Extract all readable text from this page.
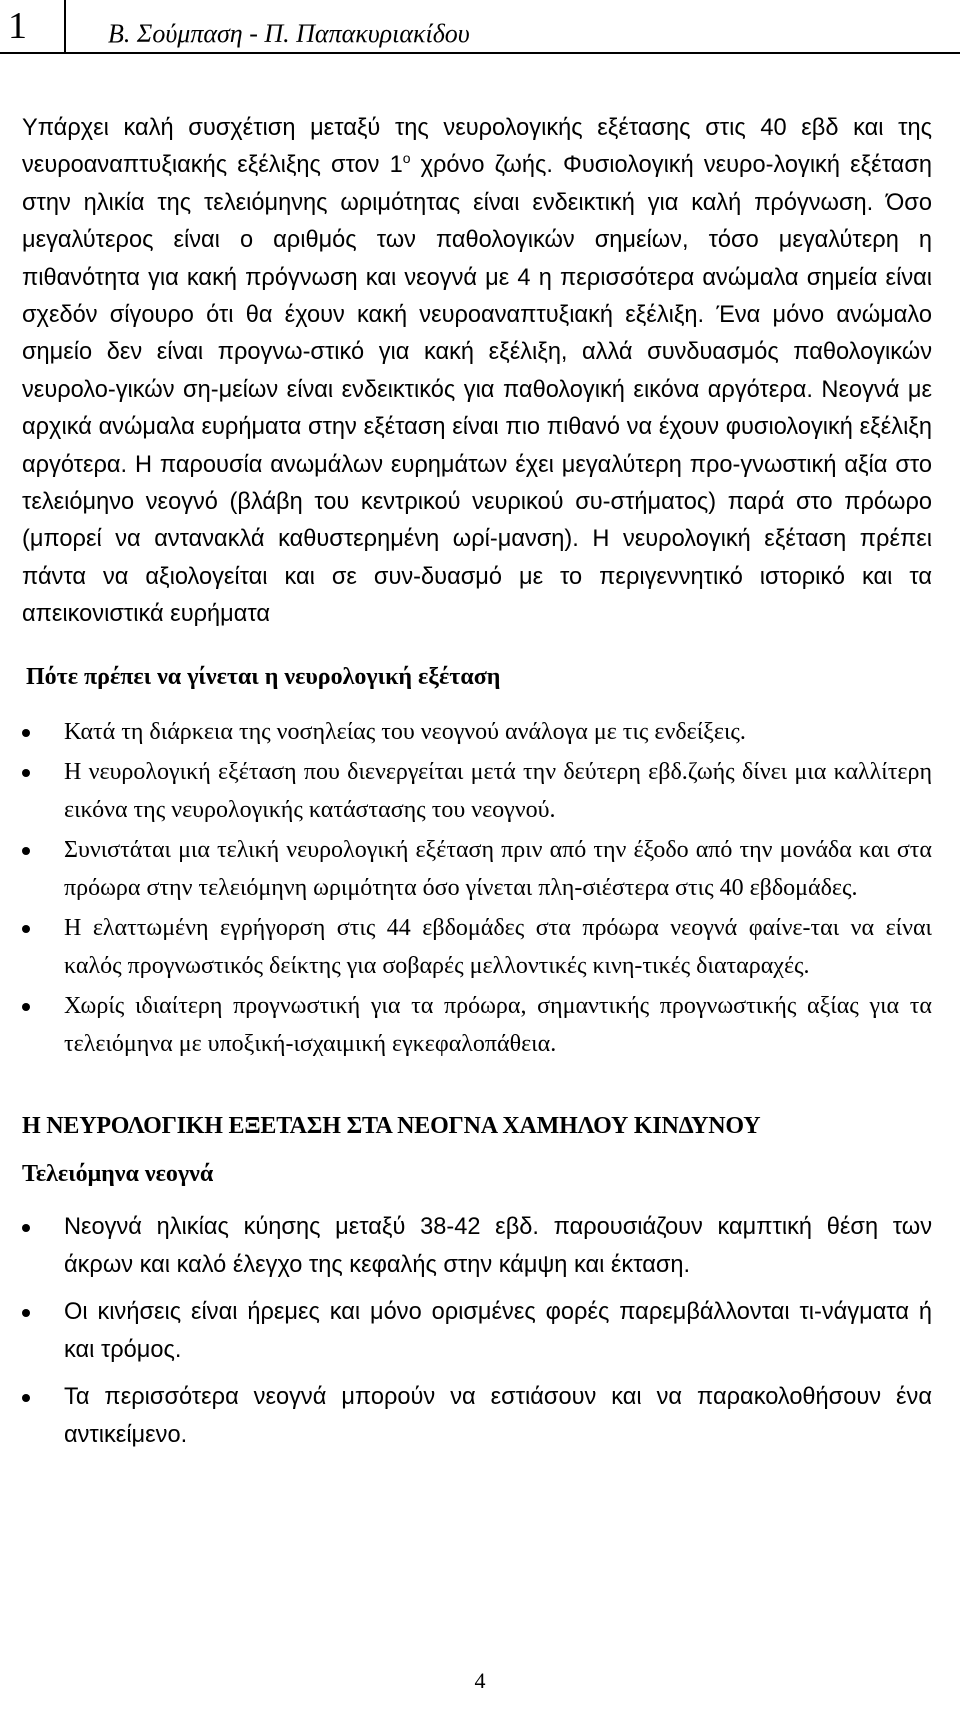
1	Β. Σούμπαση - Π. Παπακυριακίδου

Υπάρχει καλή συσχέτιση μεταξύ της νευρολογικής εξέτασης στις 40 εβδ και της νευροαναπτυξιακής εξέλιξης στον $1^o$ χρόνο ζωής. Φυσιολογική νευρο-λογική εξέταση στην ηλικία της τελειόμηνης ωριμότητας είναι ενδεικτική για καλή πρόγνωση. Όσο μεγαλύτερος είναι ο αριθμός των παθολογικών σημείων, τόσο μεγαλύτερη η πιθανότητα για κακή πρόγνωση και νεογνά με 4 η περισσότερα ανώμαλα σημεία είναι σχεδόν σίγουρο ότι θα έχουν κακή νευροαναπτυξιακή εξέλιξη. Ένα μόνο ανώμαλο σημείο δεν είναι προγνω-στικό για κακή εξέλιξη, αλλά συνδυασμός παθολογικών νευρολο-γικών ση-μείων είναι ενδεικτικός για παθολογική εικόνα αργότερα. Νεογνά με αρχικά ανώμαλα ευρήματα στην εξέταση είναι πιο πιθανό να έχουν φυσιολογική εξέλιξη αργότερα. Η παρουσία ανωμάλων ευρημάτων έχει μεγαλύτερη προ-γνωστική αξία στο τελειόμηνο νεογνό (βλάβη του κεντρικού νευρικού συ-στήματος) παρά στο πρόωρο (μπορεί να αντανακλά καθυστερημένη ωρί-μανση). Η νευρολογική εξέταση πρέπει πάντα να αξιολογείται και σε συν-δυασμό με το περιγεννητικό ιστορικό και τα απεικονιστικά ευρήματα

Πότε πρέπει να γίνεται η νευρολογική εξέταση
Κατά τη διάρκεια της νοσηλείας του νεογνού ανάλογα με τις ενδείξεις.
Η νευρολογική εξέταση που διενεργείται μετά την δεύτερη εβδ.ζωής δίνει μια καλλίτερη εικόνα της νευρολογικής κατάστασης του νεογνού.
Συνιστάται μια τελική νευρολογική εξέταση πριν από την έξοδο από την μονάδα και στα πρόωρα στην τελειόμηνη ωριμότητα όσο γίνεται πλη-σιέστερα στις 40 εβδομάδες.
Η ελαττωμένη εγρήγορση στις 44 εβδομάδες στα πρόωρα νεογνά φαίνε-ται να είναι καλός προγνωστικός δείκτης για σοβαρές μελλοντικές κινη-τικές διαταραχές.
Χωρίς ιδιαίτερη προγνωστική για τα πρόωρα, σημαντικής προγνωστικής αξίας για τα τελειόμηνα με υποξική-ισχαιμική εγκεφαλοπάθεια.
Η ΝΕΥΡΟΛΟΓΙΚΗ ΕΞΕΤΑΣΗ ΣΤΑ ΝΕΟΓΝΑ ΧΑΜΗΛΟΥ ΚΙΝΔΥΝΟΥ
Τελειόμηνα νεογνά
Νεογνά ηλικίας κύησης μεταξύ 38-42 εβδ. παρουσιάζουν καμπτική θέση των άκρων και καλό έλεγχο της κεφαλής στην κάμψη και έκταση.
Οι κινήσεις είναι ήρεμες και μόνο ορισμένες φορές παρεμβάλλονται τι-νάγματα ή και τρόμος.
Τα περισσότερα νεογνά μπορούν να εστιάσουν και να παρακολοθήσουν ένα αντικείμενο.
4
